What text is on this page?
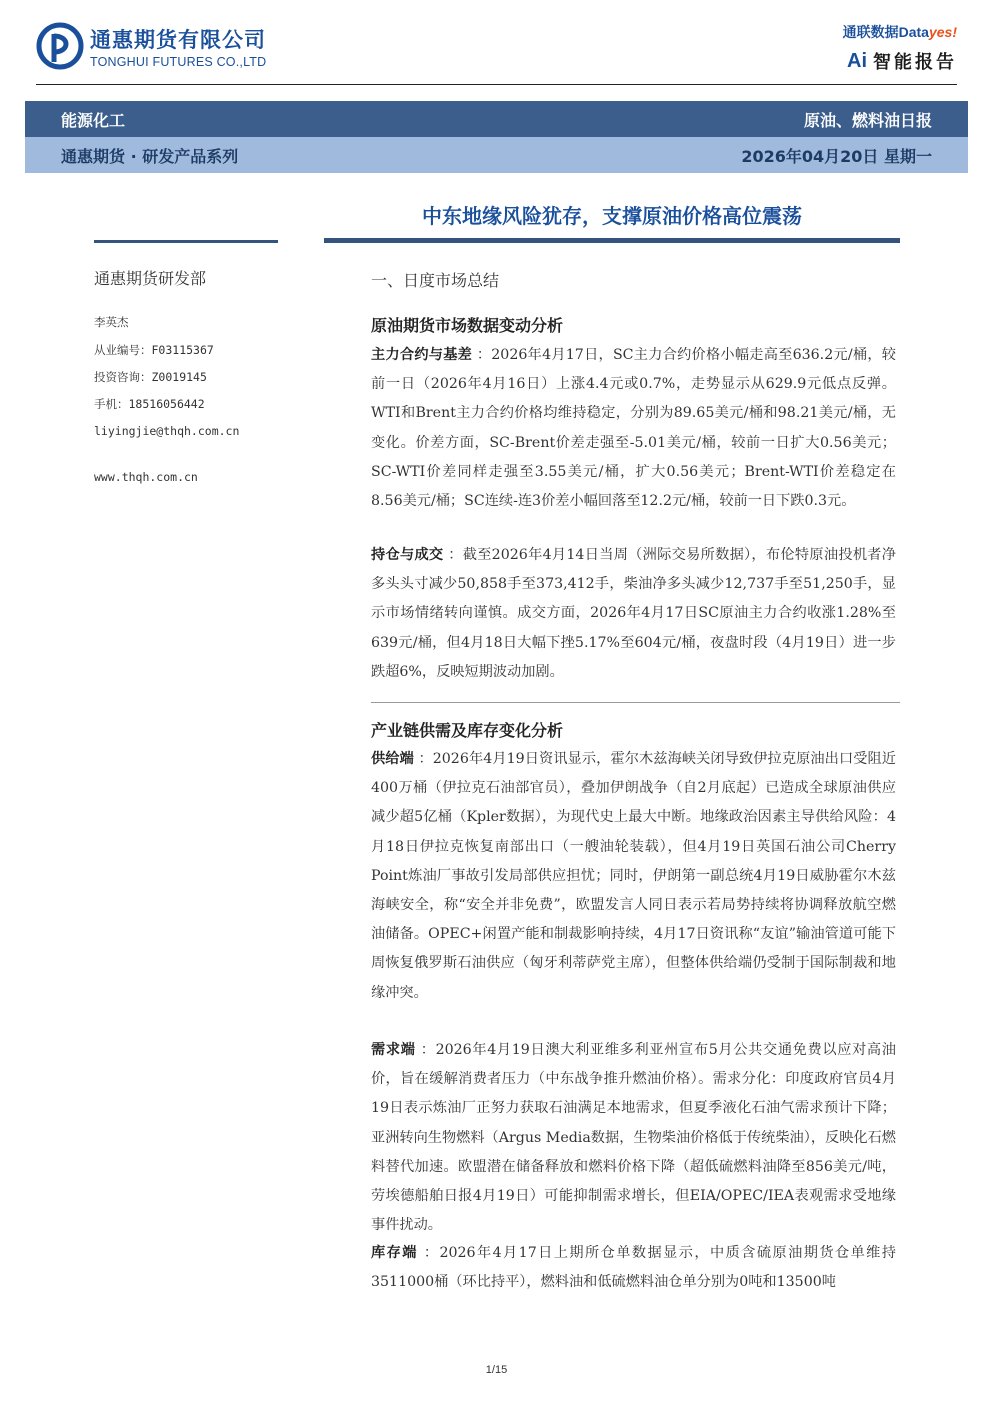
通惠期货有限公司
TONGHUI FUTURES CO.,LTD
通联数据Datayes!
Ai 智能报告
能源化工	原油、燃料油日报
通惠期货 · 研发产品系列	2026年04月20日 星期一
中东地缘风险犹存，支撑原油价格高位震荡
通惠期货研发部
李英杰
从业编号：F03115367
投资咨询：Z0019145
手机：18516056442
liyingjie@thqh.com.cn
www.thqh.com.cn
一、日度市场总结
原油期货市场数据变动分析
主力合约与基差 ：2026年4月17日，SC主力合约价格小幅走高至636.2元/桶，较前一日（2026年4月16日）上涨4.4元或0.7%，走势显示从629.9元低点反弹。WTI和Brent主力合约价格均维持稳定，分别为89.65美元/桶和98.21美元/桶，无变化。价差方面，SC-Brent价差走强至-5.01美元/桶，较前一日扩大0.56美元；SC-WTI价差同样走强至3.55美元/桶，扩大0.56美元；Brent-WTI价差稳定在8.56美元/桶；SC连续-连3价差小幅回落至12.2元/桶，较前一日下跌0.3元。
持仓与成交 ：截至2026年4月14日当周（洲际交易所数据），布伦特原油投机者净多头头寸减少50,858手至373,412手，柴油净多头减少12,737手至51,250手，显示市场情绪转向谨慎。成交方面，2026年4月17日SC原油主力合约收涨1.28%至639元/桶，但4月18日大幅下挫5.17%至604元/桶，夜盘时段（4月19日）进一步跌超6%，反映短期波动加剧。
产业链供需及库存变化分析
供给端 ：2026年4月19日资讯显示，霍尔木兹海峡关闭导致伊拉克原油出口受阻近400万桶（伊拉克石油部官员），叠加伊朗战争（自2月底起）已造成全球原油供应减少超5亿桶（Kpler数据），为现代史上最大中断。地缘政治因素主导供给风险：4月18日伊拉克恢复南部出口（一艘油轮装载），但4月19日英国石油公司Cherry Point炼油厂事故引发局部供应担忧；同时，伊朗第一副总统4月19日威胁霍尔木兹海峡安全，称“安全并非免费”，欧盟发言人同日表示若局势持续将协调释放航空燃油储备。OPEC+闲置产能和制裁影响持续，4月17日资讯称“友谊”输油管道可能下周恢复俄罗斯石油供应（匈牙利蒂萨党主席），但整体供给端仍受制于国际制裁和地缘冲突。
需求端 ：2026年4月19日澳大利亚维多利亚州宣布5月公共交通免费以应对高油价，旨在缓解消费者压力（中东战争推升燃油价格）。需求分化：印度政府官员4月19日表示炼油厂正努力获取石油满足本地需求，但夏季液化石油气需求预计下降；亚洲转向生物燃料（Argus Media数据，生物柴油价格低于传统柴油），反映化石燃料替代加速。欧盟潜在储备释放和燃料价格下降（超低硫燃料油降至856美元/吨，劳埃德船舶日报4月19日）可能抑制需求增长，但EIA/OPEC/IEA表观需求受地缘事件扰动。
库存端 ：2026年4月17日上期所仓单数据显示，中质含硫原油期货仓单维持3511000桶（环比持平），燃料油和低硫燃料油仓单分别为0吨和13500吨
1/15
